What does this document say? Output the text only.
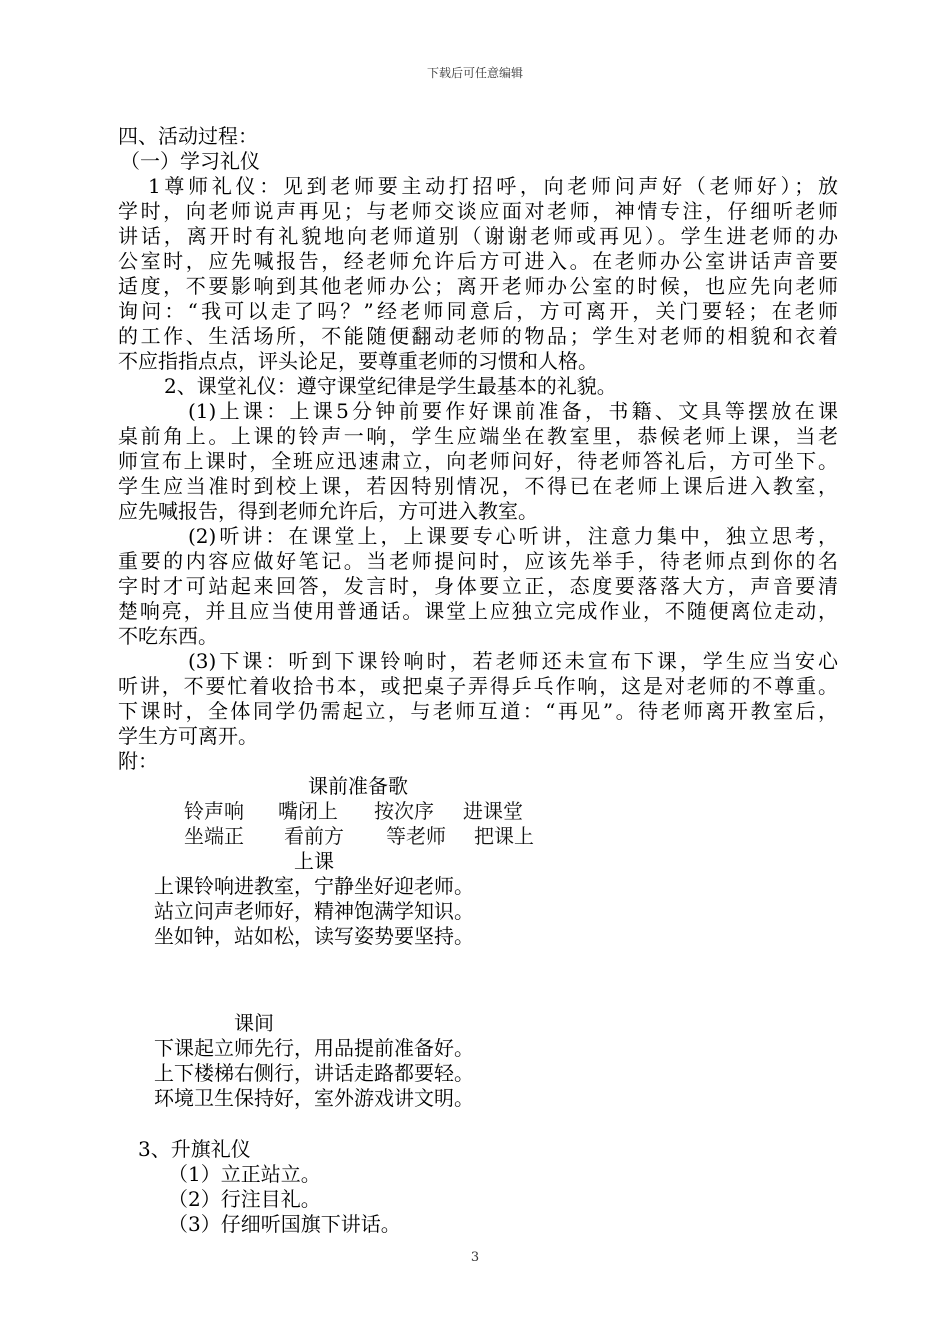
下载后可任意编辑
四、活动过程：
（一）学习礼仪
1尊师礼仪：见到老师要主动打招呼，向老师问声好（老师好）；放
学时，向老师说声再见；与老师交谈应面对老师，神情专注，仔细听老师
讲话，离开时有礼貌地向老师道别（谢谢老师或再见）。学生进老师的办
公室时，应先喊报告，经老师允许后方可进入。在老师办公室讲话声音要
适度，不要影响到其他老师办公；离开老师办公室的时候，也应先向老师
询问：“我可以走了吗？”经老师同意后，方可离开，关门要轻；在老师
的工作、生活场所，不能随便翻动老师的物品；学生对老师的相貌和衣着
不应指指点点，评头论足，要尊重老师的习惯和人格。
2、课堂礼仪：遵守课堂纪律是学生最基本的礼貌。
(1)上课：上课5分钟前要作好课前准备，书籍、文具等摆放在课
桌前角上。上课的铃声一响，学生应端坐在教室里，恭候老师上课，当老
师宣布上课时，全班应迅速肃立，向老师问好，待老师答礼后，方可坐下。
学生应当准时到校上课，若因特别情况，不得已在老师上课后进入教室，
应先喊报告，得到老师允许后，方可进入教室。
(2)听讲：在课堂上，上课要专心听讲，注意力集中，独立思考，
重要的内容应做好笔记。当老师提问时，应该先举手，待老师点到你的名
字时才可站起来回答，发言时，身体要立正，态度要落落大方，声音要清
楚响亮，并且应当使用普通话。课堂上应独立完成作业，不随便离位走动，
不吃东西。
(3)下课：听到下课铃响时，若老师还未宣布下课，学生应当安心
听讲，不要忙着收拾书本，或把桌子弄得乒乓作响，这是对老师的不尊重。
下课时，全体同学仍需起立，与老师互道：“再见”。待老师离开教室后，
学生方可离开。
附：
课前准备歌
铃声响 嘴闭上 按次序 进课堂
坐端正 看前方 等老师 把课上
上课
上课铃响进教室，宁静坐好迎老师。
站立问声老师好，精神饱满学知识。
坐如钟，站如松，读写姿势要坚持。
课间
下课起立师先行，用品提前准备好。
上下楼梯右侧行，讲话走路都要轻。
环境卫生保持好，室外游戏讲文明。
3、升旗礼仪
（1）立正站立。
（2）行注目礼。
（3）仔细听国旗下讲话。
3
